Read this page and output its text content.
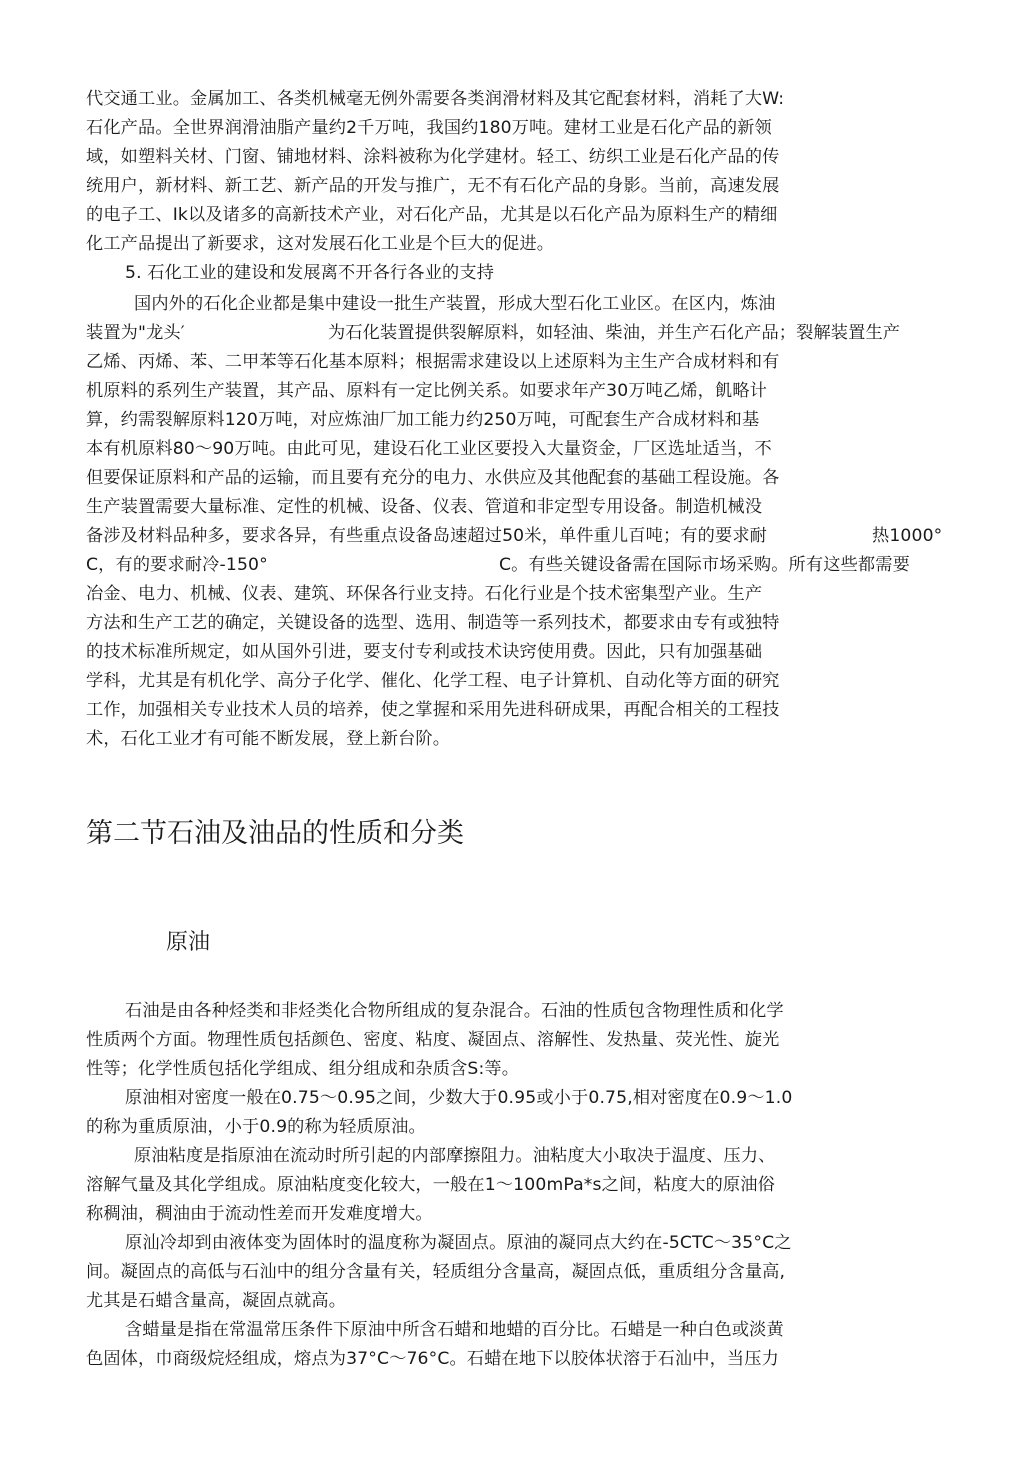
代交通工业。金属加工、各类机械毫无例外需要各类润滑材料及其它配套材料，消耗了大W:
石化产品。全世界润滑油脂产量约2千万吨，我国约180万吨。建材工业是石化产品的新领
域，如塑料关材、门窗、铺地材料、涂料被称为化学建材。轻工、纺织工业是石化产品的传
统用户，新材料、新工艺、新产品的开发与推广，无不有石化产品的身影。当前，高速发展
的电子工、Ik以及诸多的高新技术产业，对石化产品，尤其是以石化产品为原料生产的精细
化工产品提出了新要求，这对发展石化工业是个巨大的促进。
5. 石化工业的建设和发展离不开各行各业的支持
国内外的石化企业都是集中建设一批生产装置，形成大型石化工业区。在区内，炼油
装置为"龙头′	为石化装置提供裂解原料，如轻油、柴油，并生产石化产品；裂解装置生产
乙烯、丙烯、苯、二甲苯等石化基本原料；根据需求建设以上述原料为主生产合成材料和有
机原料的系列生产装置，其产品、原料有一定比例关系。如要求年产30万吨乙烯，飢略计
算，约需裂解原料120万吨，对应炼油厂加工能力约250万吨，可配套生产合成材料和基
本有机原料80～90万吨。由此可见，建设石化工业区要投入大量资金，厂区选址适当，不
但要保证原料和产品的运输，而且要有充分的电力、水供应及其他配套的基础工程设施。各
生产装置需要大量标准、定性的机械、设备、仪表、管道和非定型专用设备。制造机械没
备涉及材料品种多，要求各异，有些重点设备岛速超过50米，单件重儿百吨；有的要求耐	热1000°
C，有的要求耐冷-150°	C。有些关键设备需在国际市场采购。所有这些都需要
冶金、电力、机械、仪表、建筑、环保各行业支持。石化行业是个技术密集型产业。生产
方法和生产工艺的确定，关键设备的选型、选用、制造等一系列技术，都要求由专有或独特
的技术标准所规定，如从国外引进，要支付专利或技术诀窍使用费。因此，只有加强基础
学科，尤其是有机化学、高分子化学、催化、化学工程、电子计算机、自动化等方面的研究
工作，加强相关专业技术人员的培养，使之掌握和采用先进科研成果，再配合相关的工程技
术，石化工业才有可能不断发展，登上新台阶。
第二节石油及油品的性质和分类
原油
石油是由各种烃类和非烃类化合物所组成的复杂混合。石油的性质包含物理性质和化学
性质两个方面。物理性质包括颜色、密度、粘度、凝固点、溶解性、发热量、荧光性、旋光
性等；化学性质包括化学组成、组分组成和杂质含S:等。
原油相对密度一般在0.75～0.95之间，少数大于0.95或小于0.75,相对密度在0.9～1.0
的称为重质原油，小于0.9的称为轻质原油。
原油粘度是指原油在流动时所引起的内部摩擦阻力。油粘度大小取决于温度、压力、
溶解气量及其化学组成。原油粘度变化较大，一般在1～100mPa*s之间，粘度大的原油俗
称稠油，稠油由于流动性差而开发难度增大。
原汕冷却到由液体变为固体时的温度称为凝固点。原油的凝同点大约在-5CTC～35°C之
间。凝固点的高低与石汕中的组分含量有关，轻质组分含量高，凝固点低，重质组分含量高,
尤其是石蜡含量高，凝固点就高。
含蜡量是指在常温常压条件下原油中所含石蜡和地蜡的百分比。石蜡是一种白色或淡黄
色固体，巾商级烷烃组成，熔点为37°C～76°C。石蜡在地下以胶体状溶于石汕中，当压力
